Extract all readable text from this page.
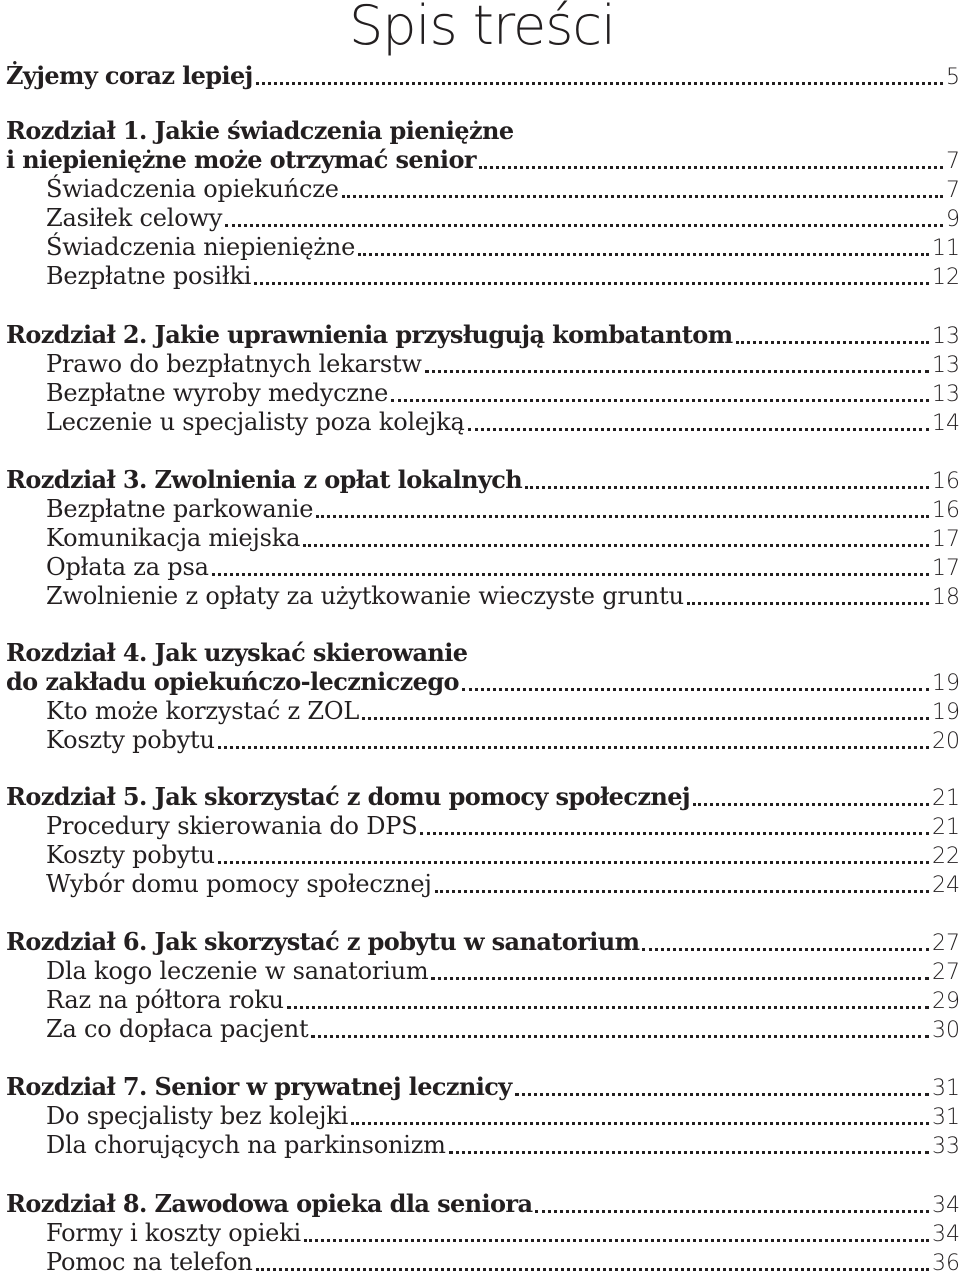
Spis treści
Żyjemy coraz lepiej	5
Rozdział 1. Jakie świadczenia pieniężne
i niepieniężne może otrzymać senior	7
Świadczenia opiekuńcze	7
Zasiłek celowy	9
Świadczenia niepieniężne	11
Bezpłatne posiłki	12
Rozdział 2. Jakie uprawnienia przysługują kombatantom	13
Prawo do bezpłatnych lekarstw	13
Bezpłatne wyroby medyczne	13
Leczenie u specjalisty poza kolejką	14
Rozdział 3. Zwolnienia z opłat lokalnych	16
Bezpłatne parkowanie	16
Komunikacja miejska	17
Opłata za psa	17
Zwolnienie z opłaty za użytkowanie wieczyste gruntu	18
Rozdział 4. Jak uzyskać skierowanie
do zakładu opiekuńczo-leczniczego	19
Kto może korzystać z ZOL	19
Koszty pobytu	20
Rozdział 5. Jak skorzystać z domu pomocy społecznej	21
Procedury skierowania do DPS	21
Koszty pobytu	22
Wybór domu pomocy społecznej	24
Rozdział 6. Jak skorzystać z pobytu w sanatorium	27
Dla kogo leczenie w sanatorium	27
Raz na półtora roku	29
Za co dopłaca pacjent	30
Rozdział 7. Senior w prywatnej lecznicy	31
Do specjalisty bez kolejki	31
Dla chorujących na parkinsonizm	33
Rozdział 8. Zawodowa opieka dla seniora	34
Formy i koszty opieki	34
Pomoc na telefon	36
